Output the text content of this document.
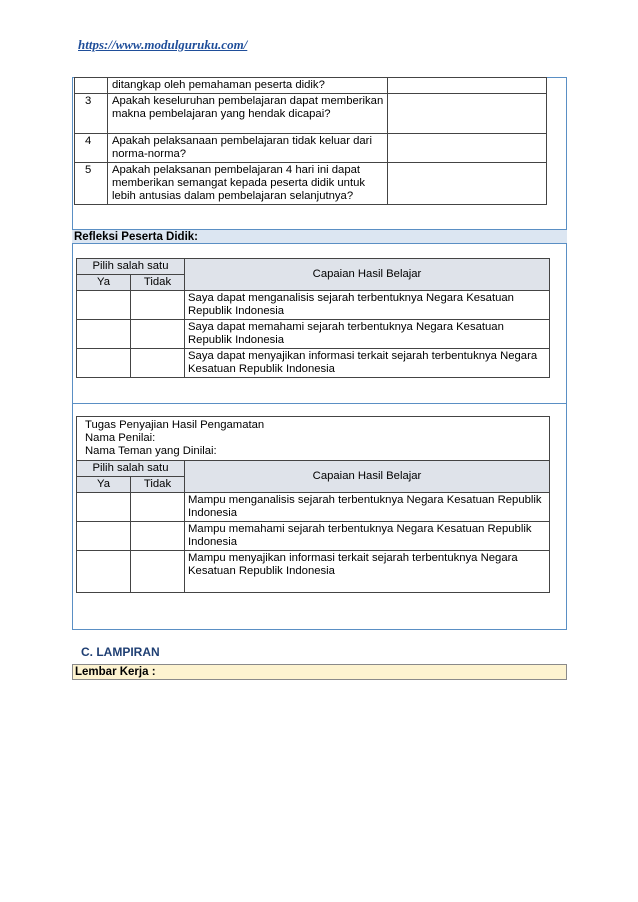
https://www.modulguruku.com/
	ditangkap oleh pemahaman peserta didik?	
3	Apakah keseluruhan pembelajaran dapat memberikan makna pembelajaran yang hendak dicapai?	
4	Apakah pelaksanaan pembelajaran tidak keluar dari norma-norma?	
5	Apakah pelaksanan pembelajaran 4 hari ini dapat memberikan semangat kepada peserta didik untuk lebih antusias dalam pembelajaran selanjutnya?	
Refleksi Peserta Didik:
Pilih salah satu		Capaian Hasil Belajar
Ya	Tidak	
		Saya dapat menganalisis sejarah terbentuknya Negara Kesatuan Republik Indonesia
		Saya dapat memahami sejarah terbentuknya Negara Kesatuan Republik Indonesia
		Saya dapat menyajikan informasi terkait sejarah terbentuknya Negara Kesatuan Republik Indonesia
Tugas Penyajian Hasil Pengamatan
Nama Penilai:
Nama Teman yang Dinilai:		

Pilih salah satu		Capaian Hasil Belajar
Ya	Tidak	
		Mampu menganalisis sejarah terbentuknya Negara Kesatuan Republik Indonesia
		Mampu memahami sejarah terbentuknya Negara Kesatuan Republik Indonesia
		Mampu menyajikan informasi terkait sejarah terbentuknya Negara Kesatuan Republik Indonesia
C. LAMPIRAN
Lembar Kerja :
